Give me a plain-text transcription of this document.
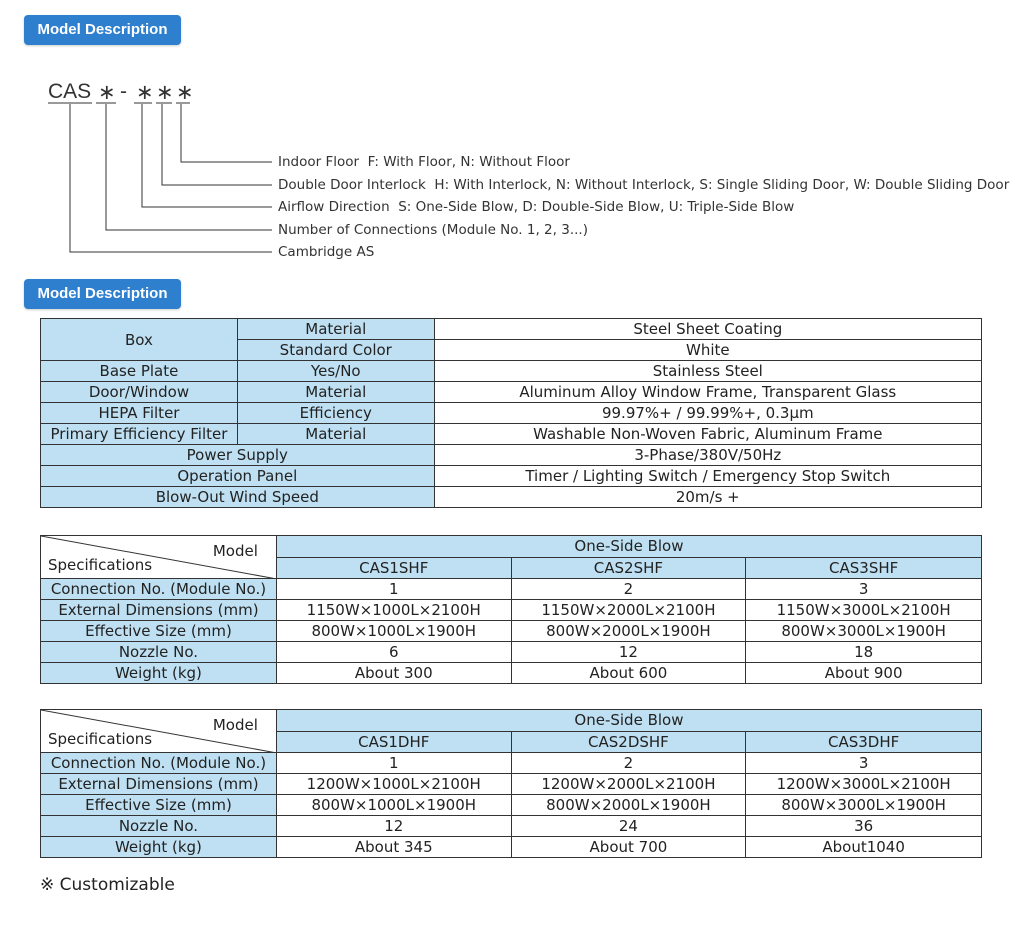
Model Description
CAS ∗ - ∗ ∗ ∗
Indoor Floor F: With Floor, N: Without Floor
Double Door Interlock H: With Interlock, N: Without Interlock, S: Single Sliding Door, W: Double Sliding Door
Airflow Direction S: One-Side Blow, D: Double-Side Blow, U: Triple-Side Blow
Number of Connections (Module No. 1, 2, 3...)
Cambridge AS
Model Description
Box	Material	Steel Sheet Coating
	Standard Color	White
Base Plate	Yes/No	Stainless Steel
Door/Window	Material	Aluminum Alloy Window Frame, Transparent Glass
HEPA Filter	Efficiency	99.97%+ / 99.99%+, 0.3μm
Primary Efficiency Filter	Material	Washable Non-Woven Fabric, Aluminum Frame
Power Supply		3-Phase/380V/50Hz
Operation Panel		Timer / Lighting Switch / Emergency Stop Switch
Blow-Out Wind Speed		20m/s +
Model
Specifications	One-Side Blow		
	CAS1SHF	CAS2SHF	CAS3SHF
Connection No. (Module No.)	1	2	3
External Dimensions (mm)	1150W×1000L×2100H	1150W×2000L×2100H	1150W×3000L×2100H
Effective Size (mm)	800W×1000L×1900H	800W×2000L×1900H	800W×3000L×1900H
Nozzle No.	6	12	18
Weight (kg)	About 300	About 600	About 900
Model
Specifications	One-Side Blow		
	CAS1DHF	CAS2DSHF	CAS3DHF
Connection No. (Module No.)	1	2	3
External Dimensions (mm)	1200W×1000L×2100H	1200W×2000L×2100H	1200W×3000L×2100H
Effective Size (mm)	800W×1000L×1900H	800W×2000L×1900H	800W×3000L×1900H
Nozzle No.	12	24	36
Weight (kg)	About 345	About 700	About1040
※ Customizable
